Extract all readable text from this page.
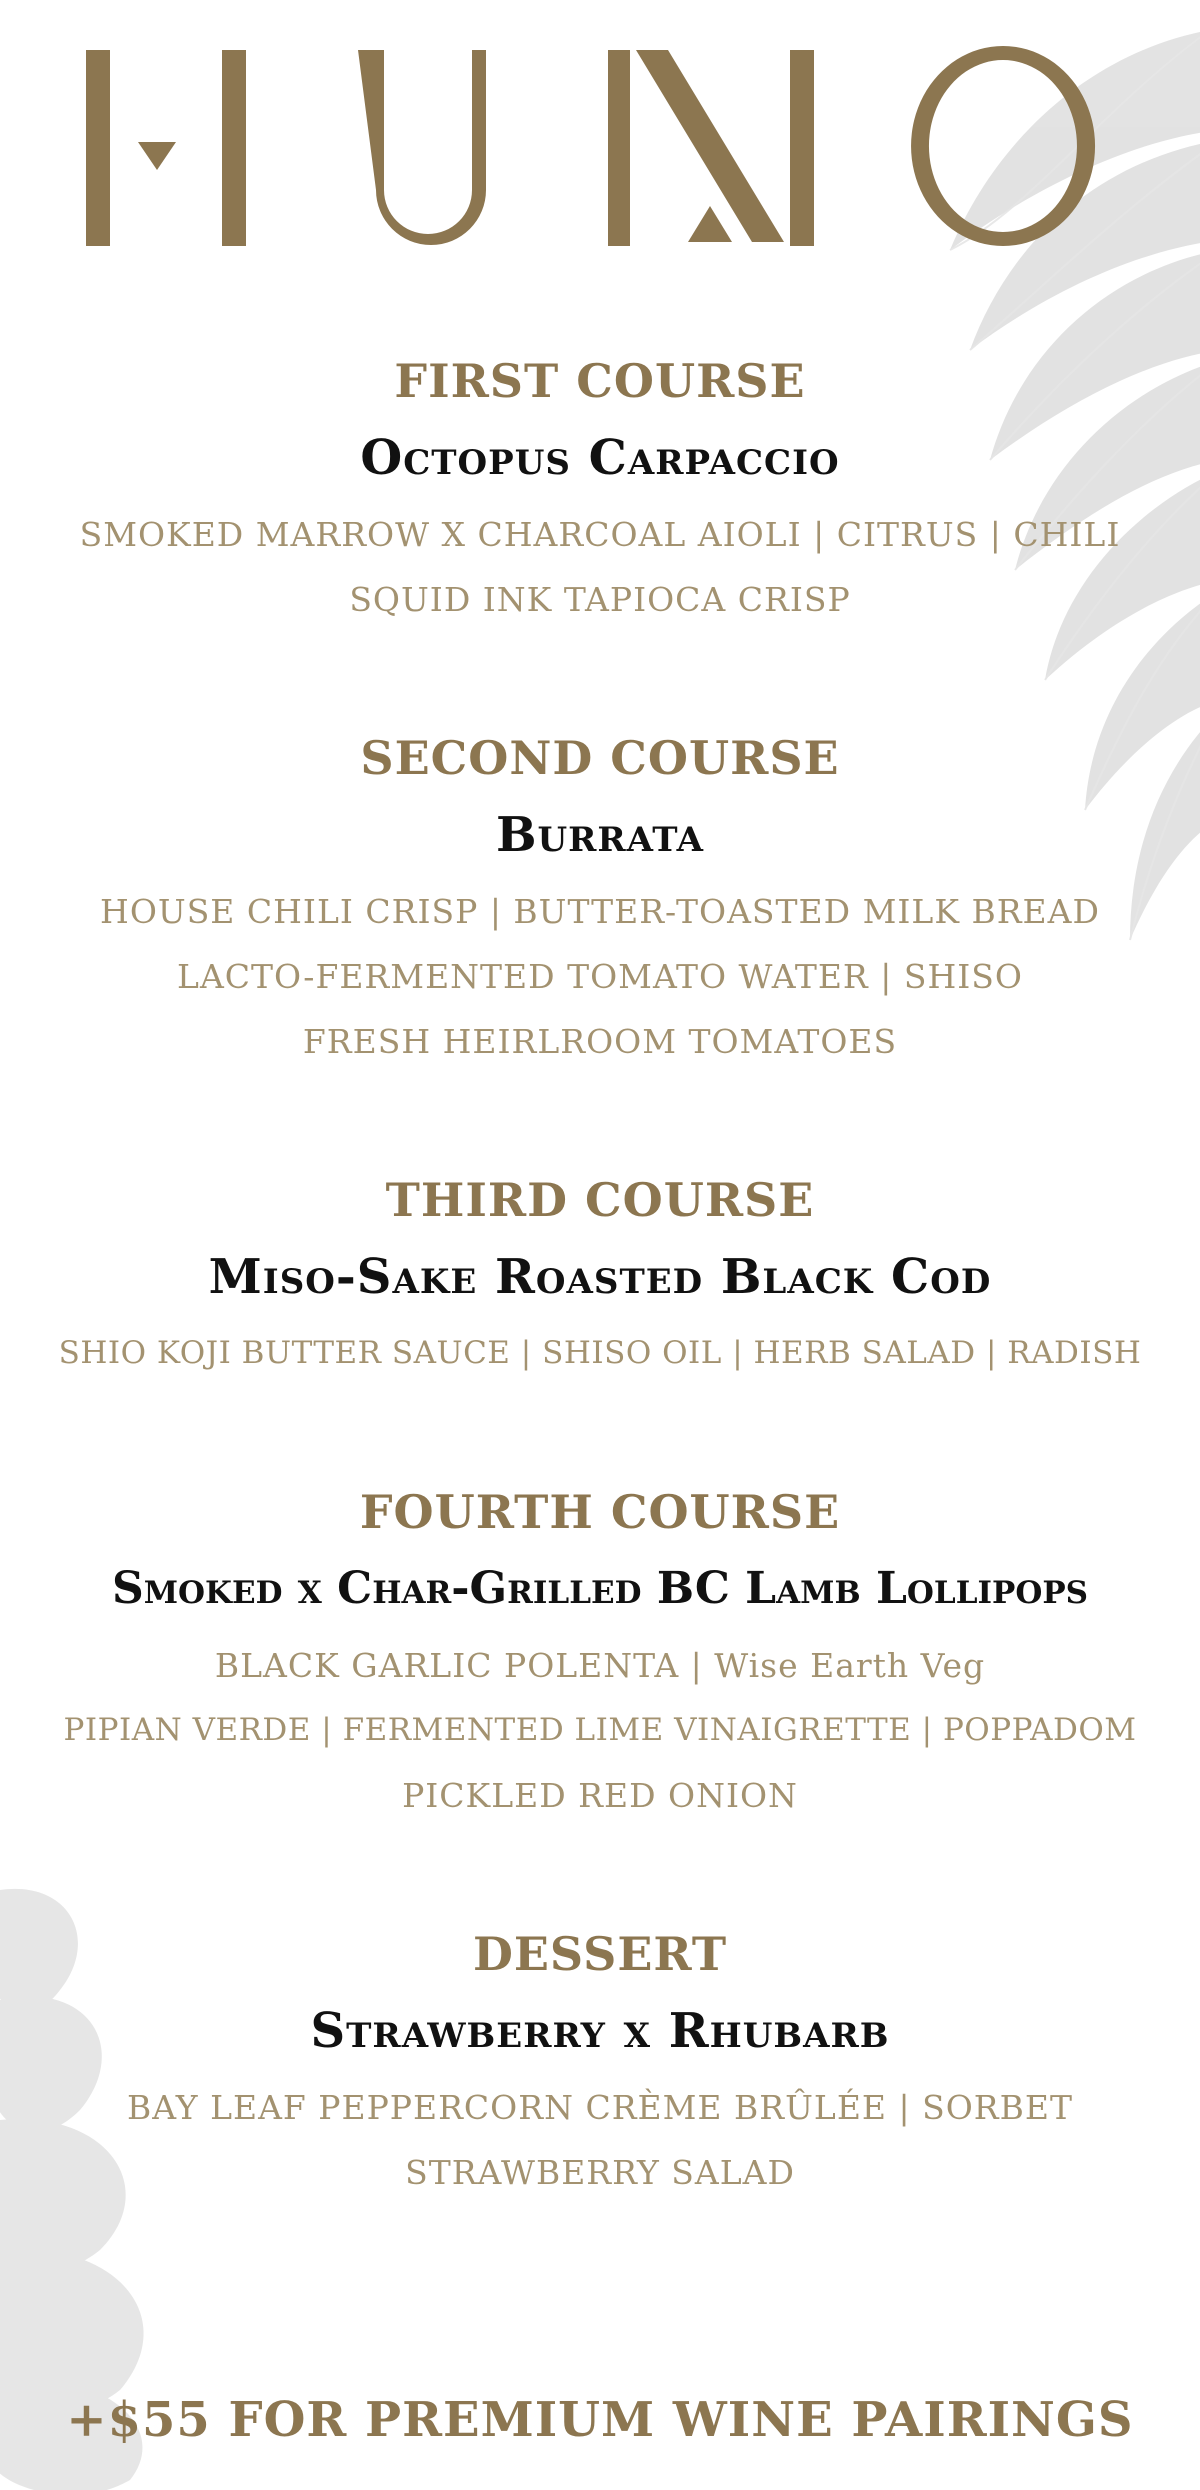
FIRST COURSE
Octopus Carpaccio
SMOKED MARROW X CHARCOAL AIOLI | CITRUS | CHILI
SQUID INK TAPIOCA CRISP
SECOND COURSE
Burrata
HOUSE CHILI CRISP | BUTTER-TOASTED MILK BREAD
LACTO-FERMENTED TOMATO WATER | SHISO
FRESH HEIRLROOM TOMATOES
THIRD COURSE
Miso-Sake Roasted Black Cod
SHIO KOJI BUTTER SAUCE | SHISO OIL | HERB SALAD | RADISH
FOURTH COURSE
Smoked x Char-Grilled BC Lamb Lollipops
BLACK GARLIC POLENTA | Wise Earth Veg
PIPIAN VERDE | FERMENTED LIME VINAIGRETTE | POPPADOM
PICKLED RED ONION
DESSERT
Strawberry x Rhubarb
BAY LEAF PEPPERCORN CRÈME BRÛLÉE | SORBET
STRAWBERRY SALAD
+$55 FOR PREMIUM WINE PAIRINGS
